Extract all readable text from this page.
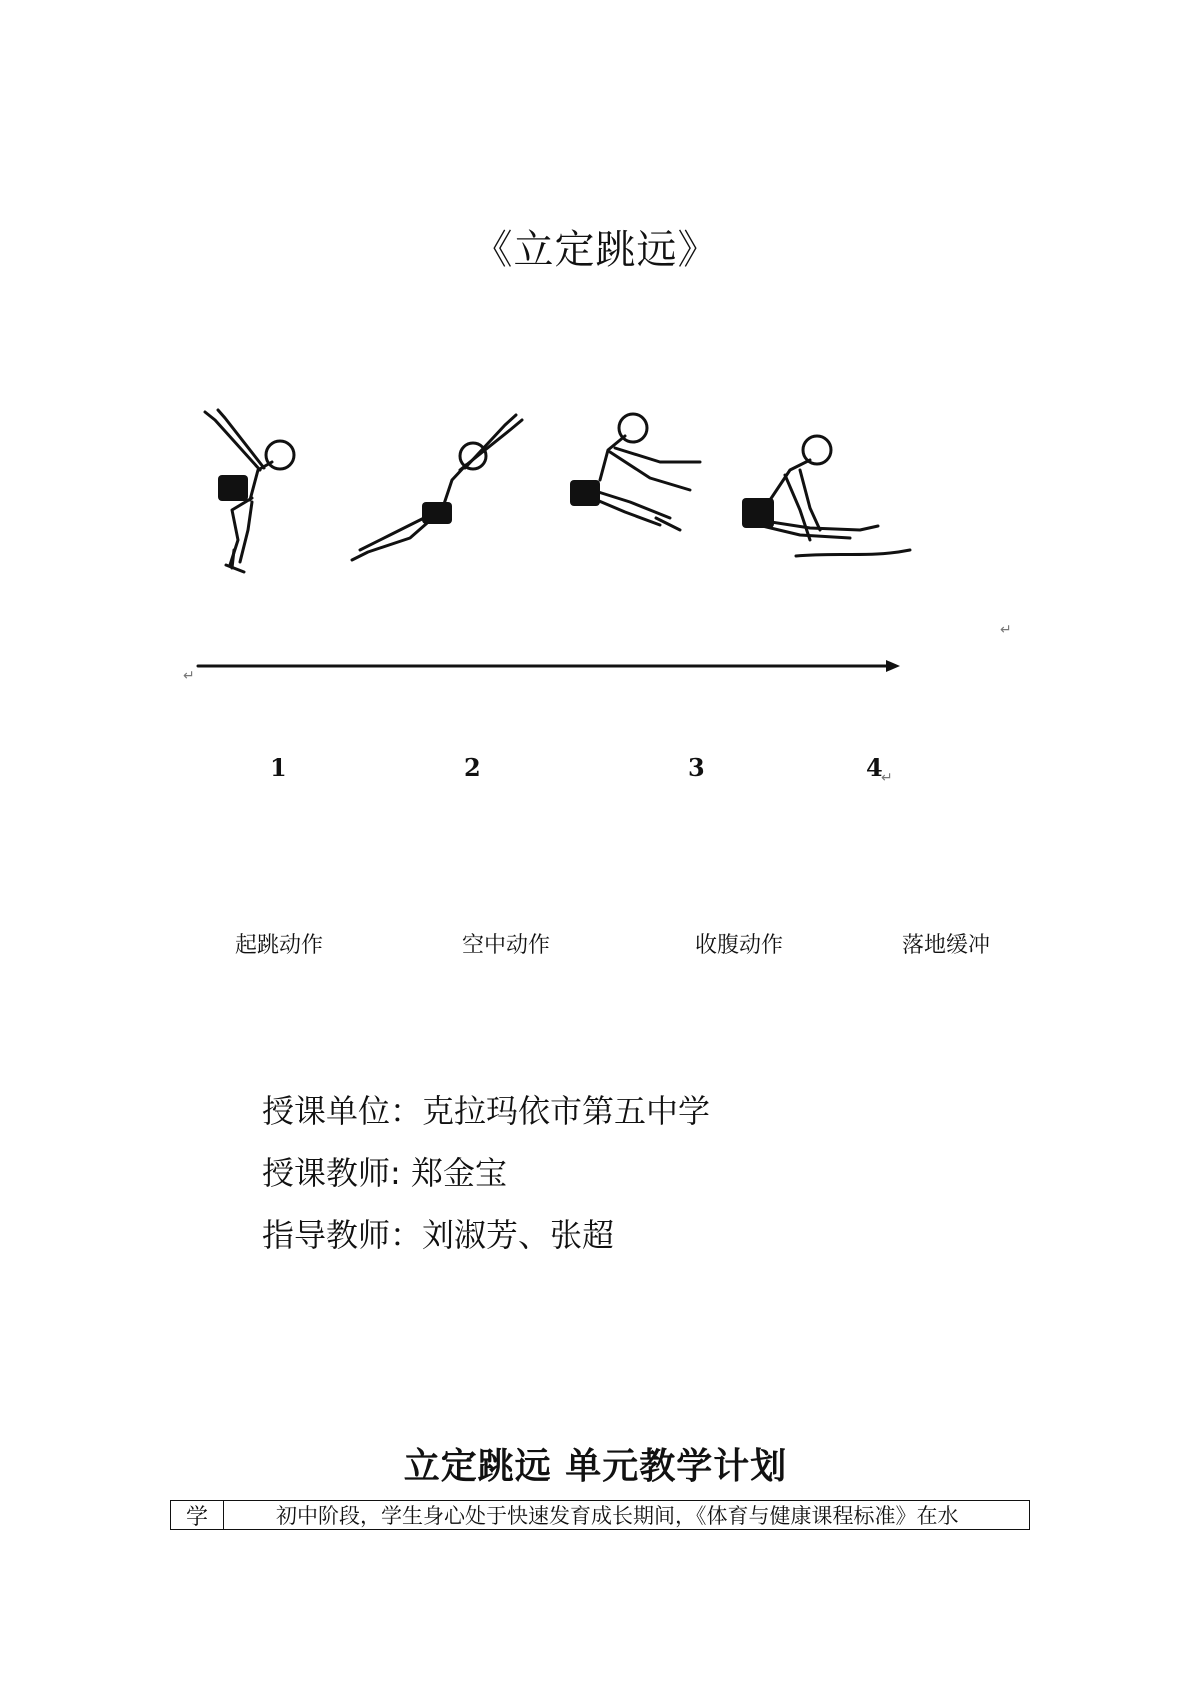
《立定跳远》
↵
↵
1	2	3	4
↵
起跳动作	空中动作	收腹动作	落地缓冲
授课单位：克拉玛依市第五中学
授课教师: 郑金宝
指导教师：刘淑芳、张超
立定跳远 单元教学计划
学	初中阶段，学生身心处于快速发育成长期间，《体育与健康课程标准》在水
